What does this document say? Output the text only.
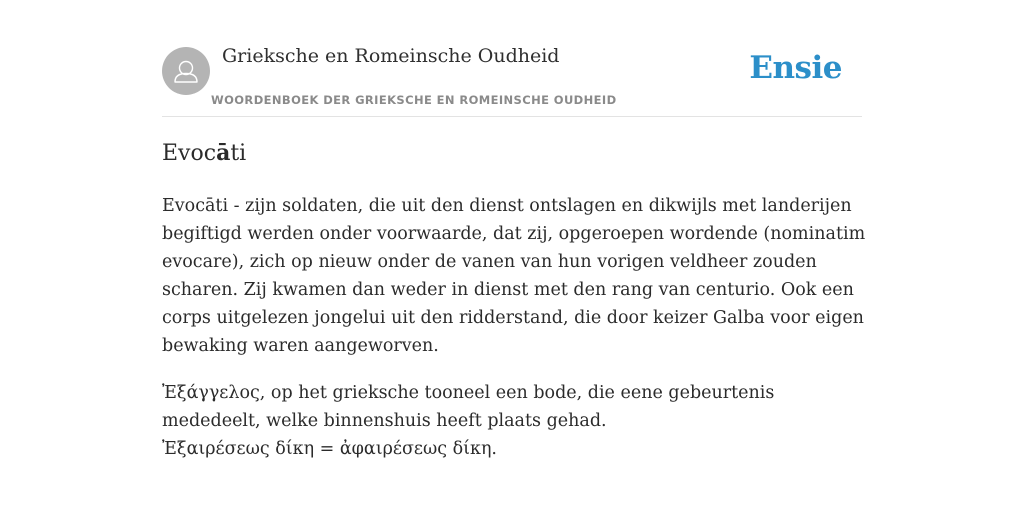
Grieksche en Romeinsche Oudheid
WOORDENBOEK DER GRIEKSCHE EN ROMEINSCHE OUDHEID
Ensie
Evocāti

Evocāti - zijn soldaten, die uit den dienst ontslagen en dikwijls met landerijen begiftigd werden onder voorwaarde, dat zij, opgeroepen wordende (nominatim evocare), zich op nieuw onder de vanen van hun vorigen veldheer zouden scharen. Zij kwamen dan weder in dienst met den rang van centurio. Ook een corps uitgelezen jongelui uit den ridderstand, die door keizer Galba voor eigen bewaking waren aangeworven.

Ἐξάγγελος, op het grieksche tooneel een bode, die eene gebeurtenis mededeelt, welke binnenshuis heeft plaats gehad.

Ἐξαιρέσεως δίκη = ἀφαιρέσεως δίκη.
